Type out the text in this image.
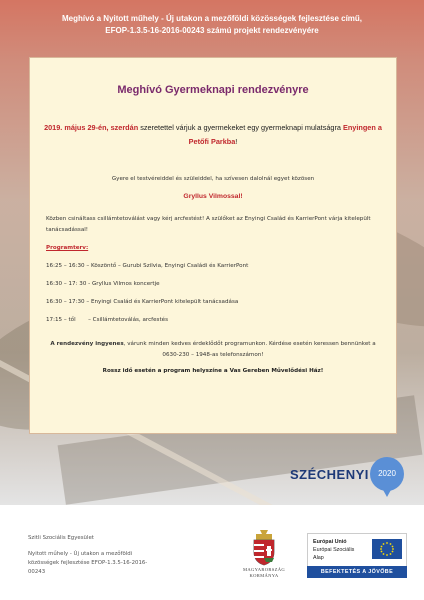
Meghívó a Nyitott műhely - Új utakon a mezőföldi közösségek fejlesztése című,
EFOP-1.3.5-16-2016-00243 számú projekt rendezvényére
Meghívó Gyermeknapi rendezvényre
2019. május 29-én, szerdán szeretettel várjuk a gyermekeket egy gyermeknapi mulatságra Enyingen a Petőfi Parkba!
Gyere el testvéreiddel és szüleiddel, ha szívesen dalolnál egyet közösen
Gryllus Vilmossal!
Közben csináltass csillámtetoválást vagy kérj arcfestést! A szülőket az Enyingi Család és KarrierPont várja kitelepült tanácsadással!
Programterv:
16:25 – 16:30 – Köszöntő – Gurubi Szilvia, Enyingi Családi és KarrierPont
16:30 – 17: 30 - Gryllus Vilmos koncertje
16:30 – 17:30 – Enyingi Család és KarrierPont kitelepült tanácsadása
17:15 – től       – Csillámtetoválás, arcfestés
A rendezvény ingyenes, várunk minden kedves érdeklődőt programunkon. Kérdése esetén keressen bennünket a 0630-230 – 1948-as telefonszámon!
Rossz idő esetén a program helyszíne a Vas Gereben Művelődési Ház!
SZÉCHENYI	2020
Szitli Szociális Egyesület
Nyitott műhely - Új utakon a mezőföldi közösségek fejlesztése EFOP-1.3.5-16-2016-00243	MAGYARORSZÁG
KORMÁNYA
Európai Unió
Európai Szociális
Alap
BEFEKTETÉS A JÖVŐBE
